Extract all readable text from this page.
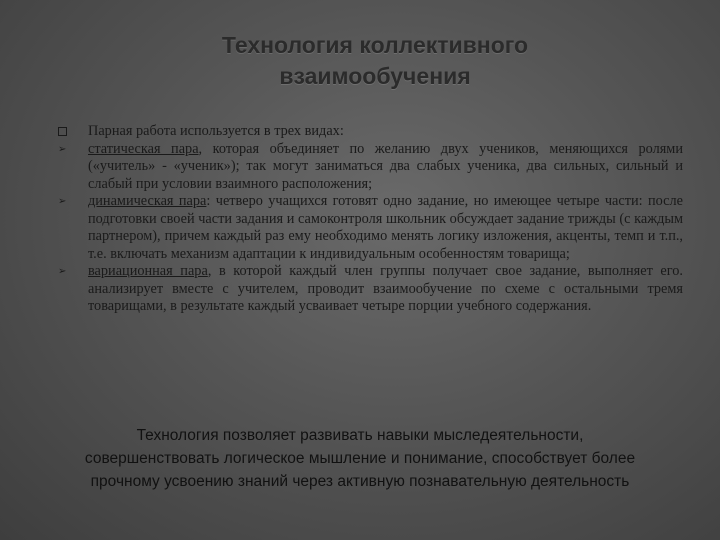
Технология коллективного
взаимообучения

Парная работа используется в трех видах:

➢ статическая пара, которая объединяет по желанию двух учеников, меняющихся ролями («учитель» - «ученик»); так могут заниматься два слабых ученика, два сильных, сильный и слабый при условии взаимного расположения;

➢ динамическая пара: четверо учащихся готовят одно задание, но имеющее четыре части: после подготовки своей части задания и самоконтроля школьник обсуждает задание трижды (с каждым партнером), причем каждый раз ему необходимо менять логику изложения, акценты, темп и т.п., т.е. включать механизм адаптации к индивидуальным особенностям товарища;

➢ вариационная пара, в которой каждый член группы получает свое задание, выполняет его. анализирует вместе с учителем, проводит взаимообучение по схеме с остальными тремя товарищами, в результате каждый усваивает четыре порции учебного содержания.

Технология позволяет развивать навыки мыследеятельности,
совершенствовать логическое мышление и понимание, способствует более
прочному усвоению знаний через активную познавательную деятельность
